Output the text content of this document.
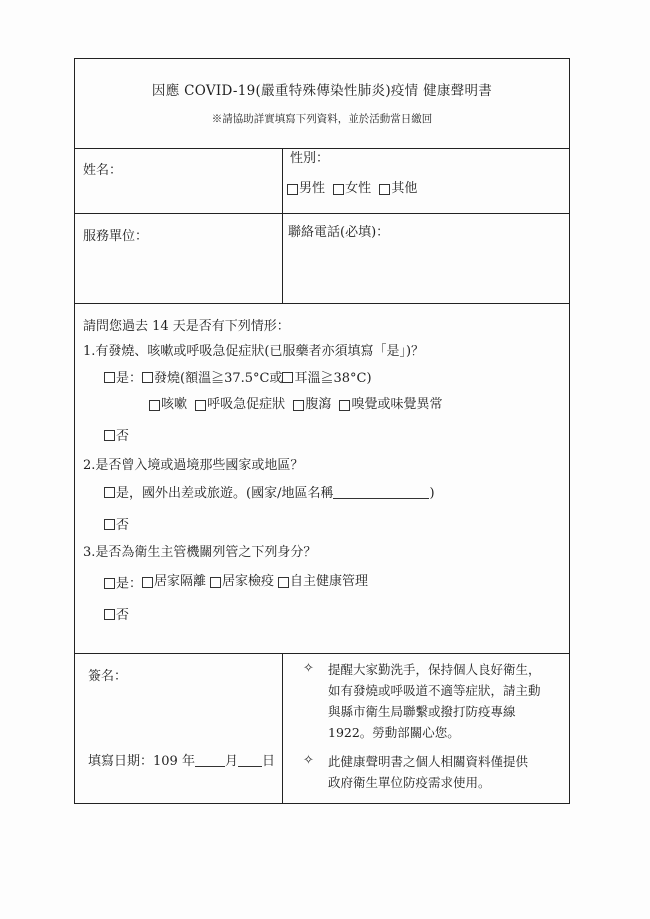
因應 COVID-19(嚴重特殊傳染性肺炎)疫情 健康聲明書
※請協助詳實填寫下列資料，並於活動當日繳回
姓名：
性別：
男性
女性
其他
服務單位：	聯絡電話(必填)：
請問您過去 14 天是否有下列情形：
1.有發燒、咳嗽或呼吸急促症狀(已服藥者亦須填寫「是」)？
是： 發燒(額溫≧37.5°C或 耳溫≧38°C)
咳嗽
呼吸急促症狀
腹瀉
嗅覺或味覺異常
否
2.是否曾入境或過境那些國家或地區？
是，國外出差或旅遊。(國家/地區名稱	)
否
3.是否為衛生主管機關列管之下列身分？
是： 居家隔離 居家檢疫 自主健康管理
否
簽名：
填寫日期：109 年 月 日
✧ 提醒大家勤洗手，保持個人良好衛生，
如有發燒或呼吸道不適等症狀，請主動
與縣市衛生局聯繫或撥打防疫專線
1922。勞動部關心您。
✧ 此健康聲明書之個人相關資料僅提供
政府衛生單位防疫需求使用。
